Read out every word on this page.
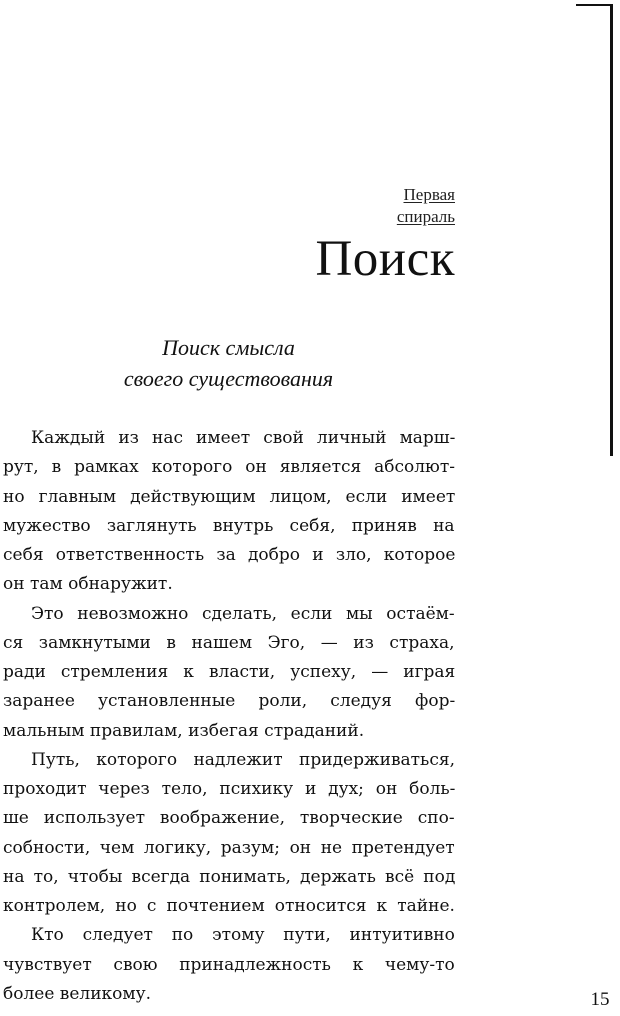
Первая
спираль
Поиск
Поиск смысла
своего существования
Каждый из нас имеет свой личный марш-
рут, в рамках которого он является абсолют-
но главным действующим лицом, если имеет
мужество заглянуть внутрь себя, приняв на
себя ответственность за добро и зло, которое
он там обнаружит.
Это невозможно сделать, если мы остаём-
ся замкнутыми в нашем Эго, — из страха,
ради стремления к власти, успеху, — играя
заранее установленные роли, следуя фор-
мальным правилам, избегая страданий.
Путь, которого надлежит придерживаться,
проходит через тело, психику и дух; он боль-
ше использует воображение, творческие спо-
собности, чем логику, разум; он не претендует
на то, чтобы всегда понимать, держать всё под
контролем, но с почтением относится к тайне.
Кто следует по этому пути, интуитивно
чувствует свою принадлежность к чему-то
более великому.	15
